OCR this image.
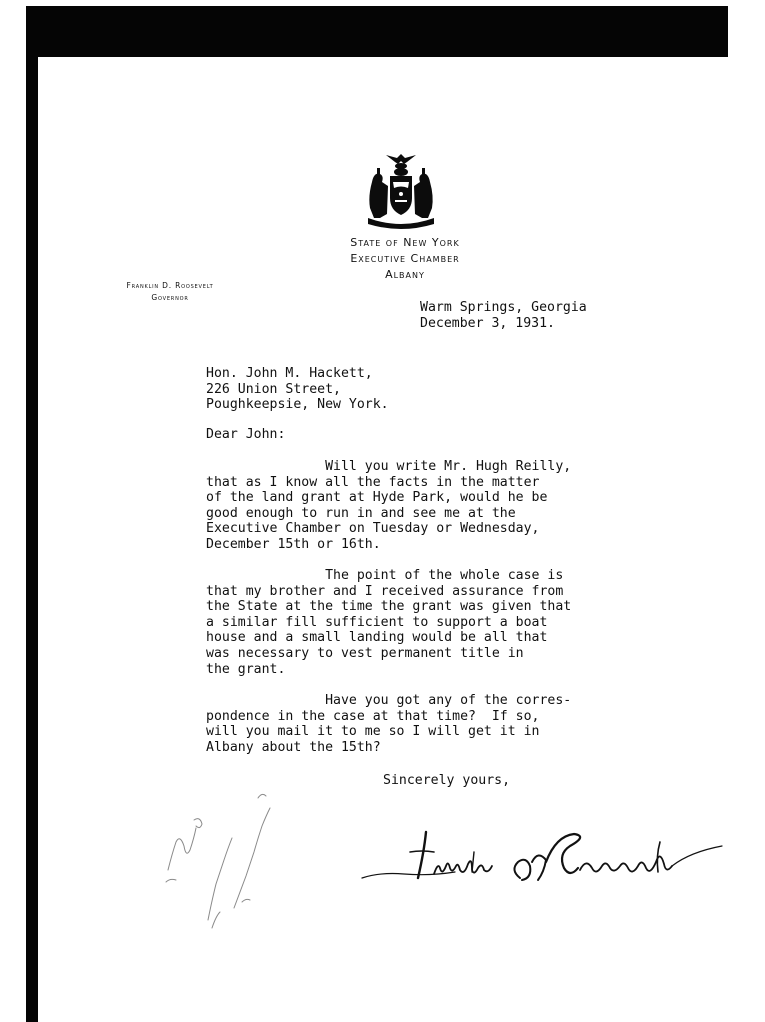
State of New York
Executive Chamber
Albany
Franklin D. Roosevelt
Governor
Warm Springs, Georgia
December 3, 1931.
Hon. John M. Hackett,
226 Union Street,
Poughkeepsie, New York.
Dear John:
Will you write Mr. Hugh Reilly,
that as I know all the facts in the matter
of the land grant at Hyde Park, would he be
good enough to run in and see me at the
Executive Chamber on Tuesday or Wednesday,
December 15th or 16th.
The point of the whole case is
that my brother and I received assurance from
the State at the time the grant was given that
a similar fill sufficient to support a boat
house and a small landing would be all that
was necessary to vest permanent title in
the grant.
Have you got any of the corres-
pondence in the case at that time?  If so,
will you mail it to me so I will get it in
Albany about the 15th?
Sincerely yours,
